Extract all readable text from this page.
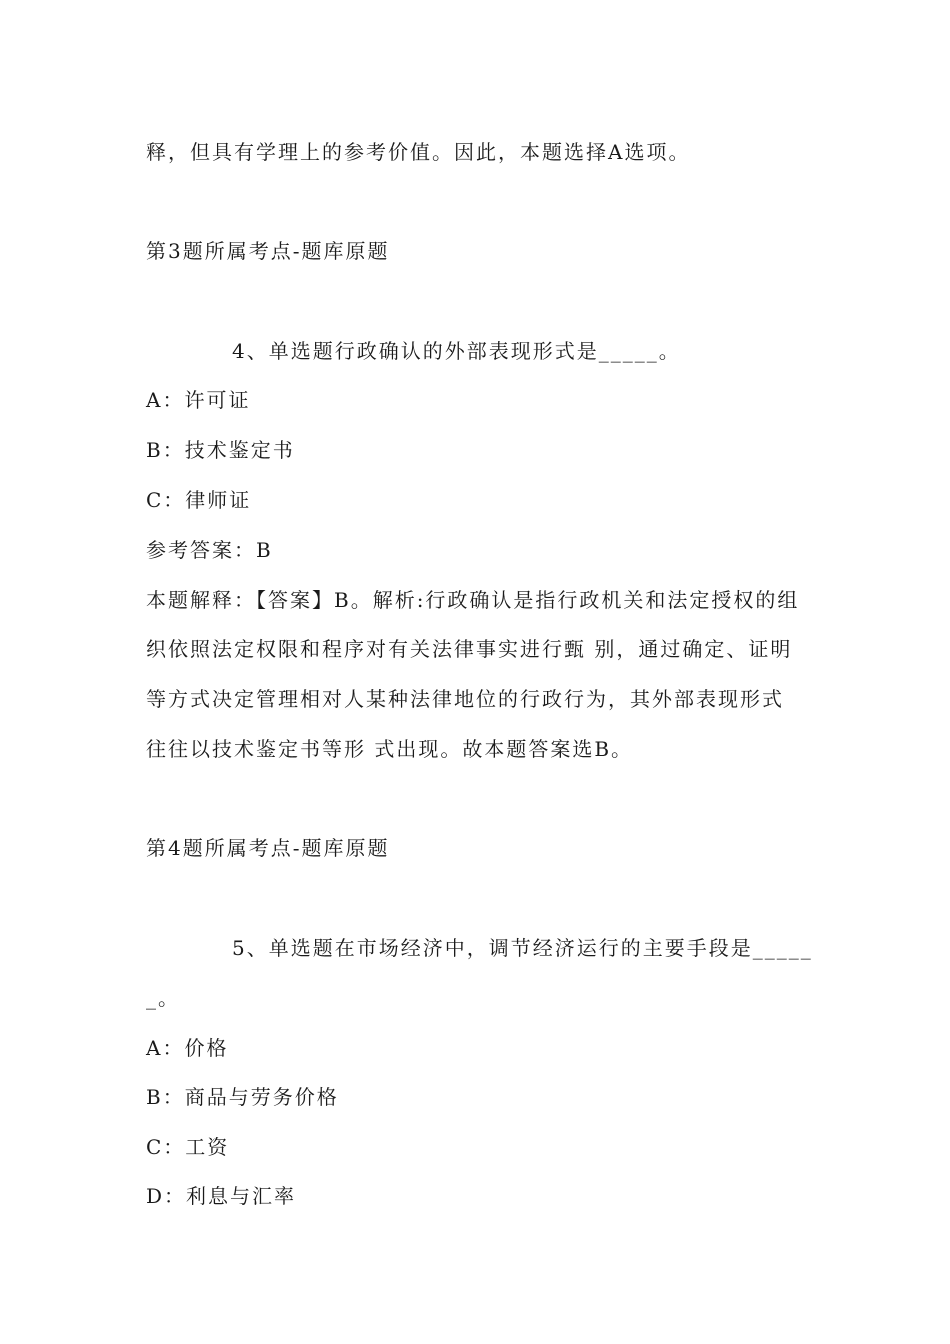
释，但具有学理上的参考价值。因此，本题选择A选项。
第3题所属考点-题库原题
4、单选题行政确认的外部表现形式是_____。
A：许可证
B：技术鉴定书
C：律师证
参考答案：B
本题解释：【答案】B。解析:行政确认是指行政机关和法定授权的组
织依照法定权限和程序对有关法律事实进行甄 别，通过确定、证明
等方式决定管理相对人某种法律地位的行政行为，其外部表现形式
往往以技术鉴定书等形 式出现。故本题答案选B。
第4题所属考点-题库原题
5、单选题在市场经济中，调节经济运行的主要手段是_____
_。
A：价格
B：商品与劳务价格
C：工资
D：利息与汇率
